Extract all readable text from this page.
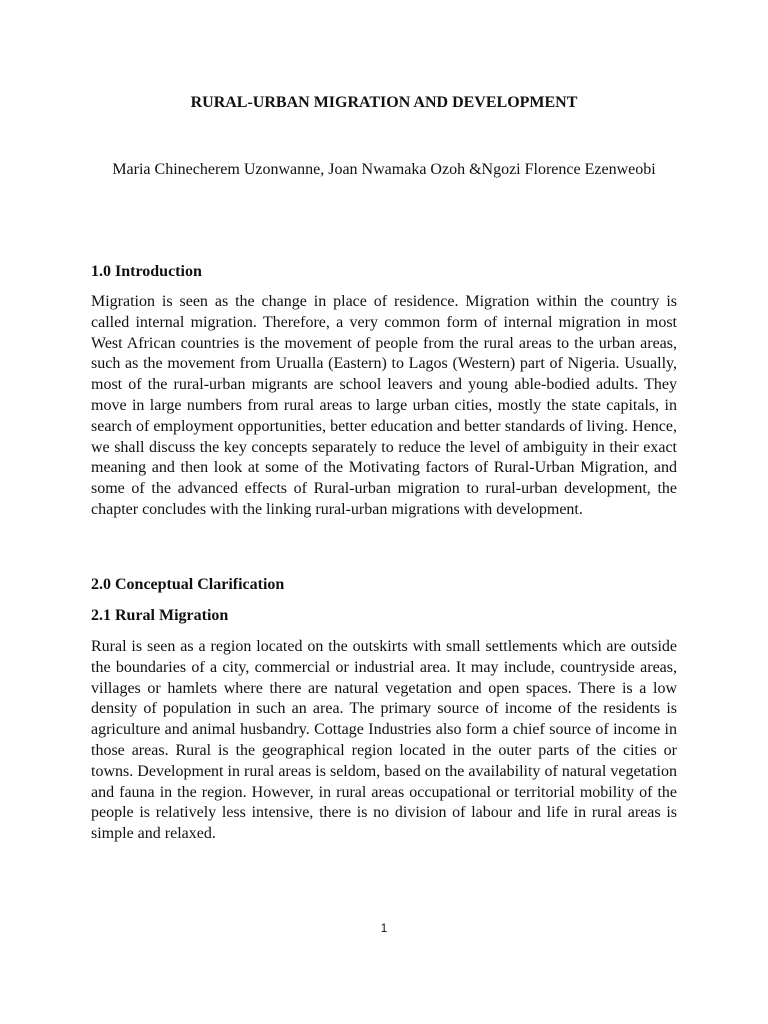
RURAL-URBAN MIGRATION AND DEVELOPMENT

Maria Chinecherem Uzonwanne, Joan Nwamaka Ozoh &Ngozi Florence Ezenweobi

1.0 Introduction

Migration is seen as the change in place of residence. Migration within the country is called internal migration. Therefore, a very common form of internal migration in most West African countries is the movement of people from the rural areas to the urban areas, such as the movement from Urualla (Eastern) to Lagos (Western) part of Nigeria. Usually, most of the rural-urban migrants are school leavers and young able-bodied adults. They move in large numbers from rural areas to large urban cities, mostly the state capitals, in search of employment opportunities, better education and better standards of living. Hence, we shall discuss the key concepts separately to reduce the level of ambiguity in their exact meaning and then look at some of the Motivating factors of Rural-Urban Migration, and some of the advanced effects of Rural-urban migration to rural-urban development, the chapter concludes with the linking rural-urban migrations with development.

2.0 Conceptual Clarification
2.1 Rural Migration

Rural is seen as a region located on the outskirts with small settlements which are outside the boundaries of a city, commercial or industrial area. It may include, countryside areas, villages or hamlets where there are natural vegetation and open spaces. There is a low density of population in such an area. The primary source of income of the residents is agriculture and animal husbandry. Cottage Industries also form a chief source of income in those areas. Rural is the geographical region located in the outer parts of the cities or towns. Development in rural areas is seldom, based on the availability of natural vegetation and fauna in the region. However, in rural areas occupational or territorial mobility of the people is relatively less intensive, there is no division of labour and life in rural areas is simple and relaxed.

1
